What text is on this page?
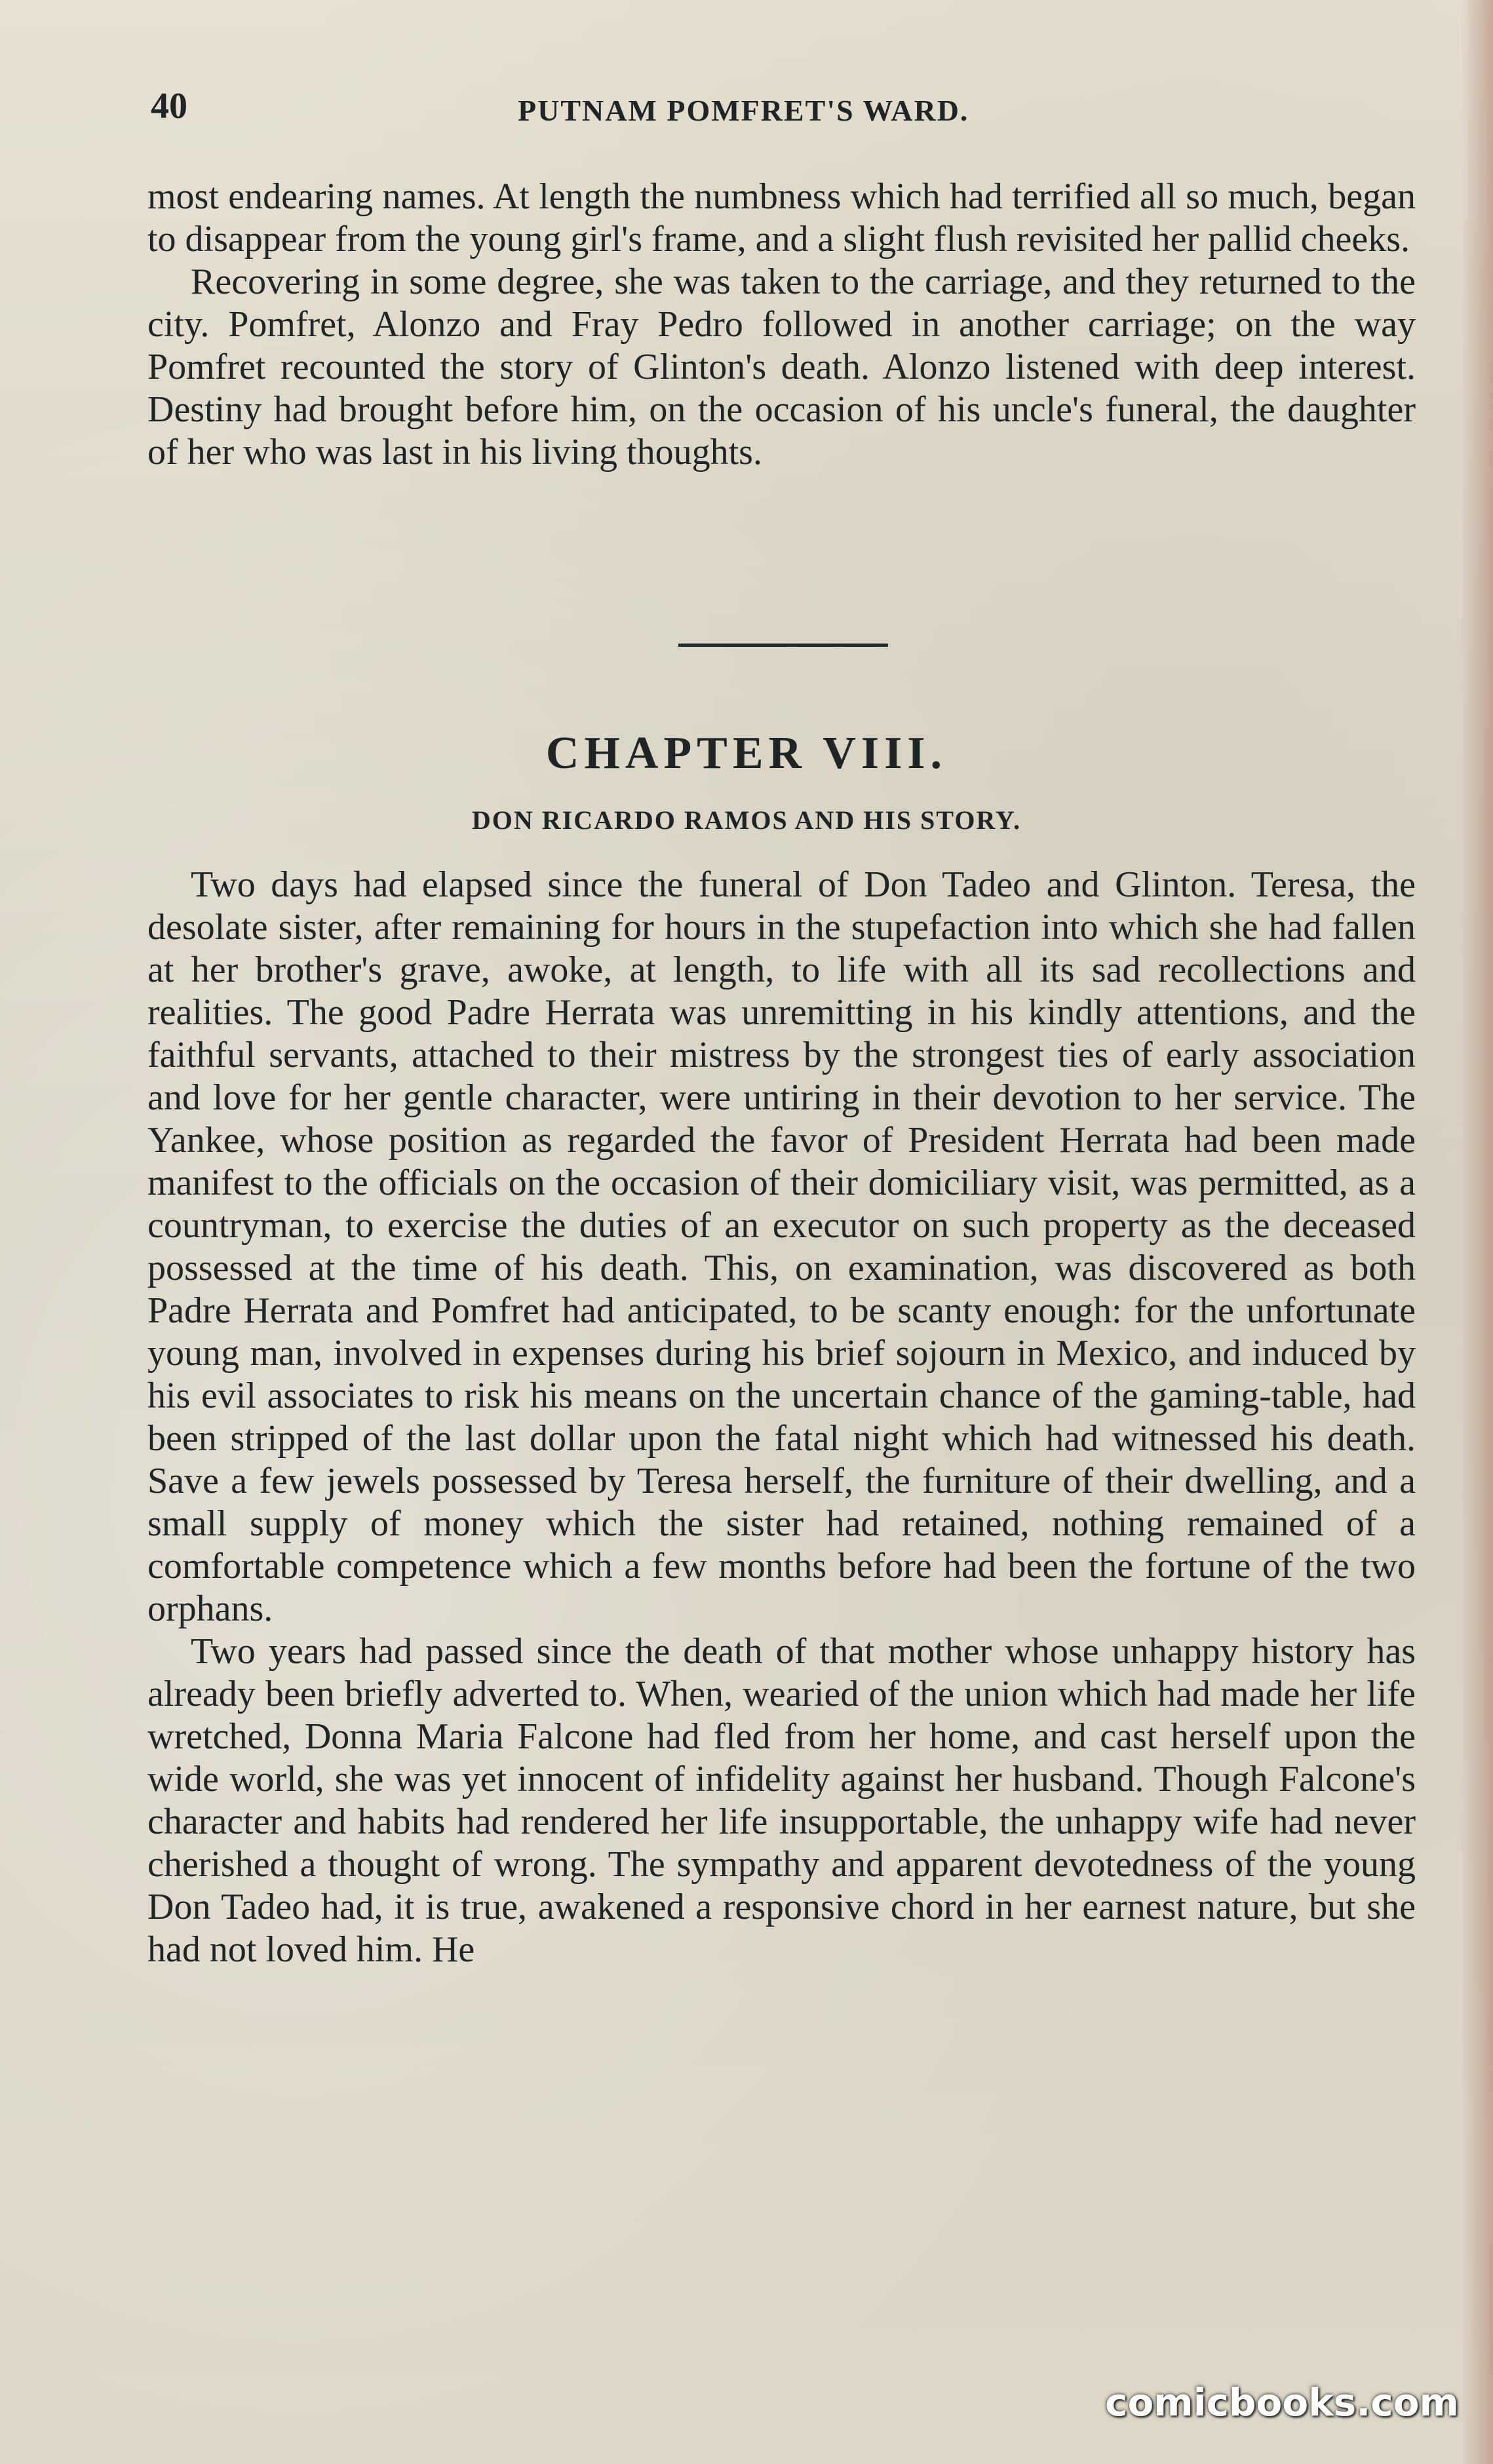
40	PUTNAM POMFRET'S WARD.

most endearing names. At length the numbness which had terrified all so much, began to disappear from the young girl's frame, and a slight flush revisited her pallid cheeks.

Recovering in some degree, she was taken to the carriage, and they returned to the city. Pomfret, Alonzo and Fray Pedro followed in another carriage; on the way Pomfret recounted the story of Glinton's death. Alonzo listened with deep interest. Destiny had brought before him, on the occasion of his uncle's funeral, the daughter of her who was last in his living thoughts.

CHAPTER VIII.
DON RICARDO RAMOS AND HIS STORY.

Two days had elapsed since the funeral of Don Tadeo and Glinton. Teresa, the desolate sister, after remaining for hours in the stupefaction into which she had fallen at her brother's grave, awoke, at length, to life with all its sad recollections and realities. The good Padre Herrata was unremitting in his kindly attentions, and the faithful servants, attached to their mistress by the strongest ties of early association and love for her gentle character, were untiring in their devotion to her service. The Yankee, whose position as regarded the favor of President Herrata had been made manifest to the officials on the occasion of their domiciliary visit, was permitted, as a countryman, to exercise the duties of an executor on such property as the deceased possessed at the time of his death. This, on examination, was discovered as both Padre Herrata and Pomfret had anticipated, to be scanty enough: for the unfortunate young man, involved in expenses during his brief sojourn in Mexico, and induced by his evil associates to risk his means on the uncertain chance of the gaming-table, had been stripped of the last dollar upon the fatal night which had witnessed his death. Save a few jewels possessed by Teresa herself, the furniture of their dwelling, and a small supply of money which the sister had retained, nothing remained of a comfortable competence which a few months before had been the fortune of the two orphans.

Two years had passed since the death of that mother whose unhappy history has already been briefly adverted to. When, wearied of the union which had made her life wretched, Donna Maria Falcone had fled from her home, and cast herself upon the wide world, she was yet innocent of infidelity against her husband. Though Falcone's character and habits had rendered her life insupportable, the unhappy wife had never cherished a thought of wrong. The sympathy and apparent devotedness of the young Don Tadeo had, it is true, awakened a responsive chord in her earnest nature, but she had not loved him. He

comicbooks.com
